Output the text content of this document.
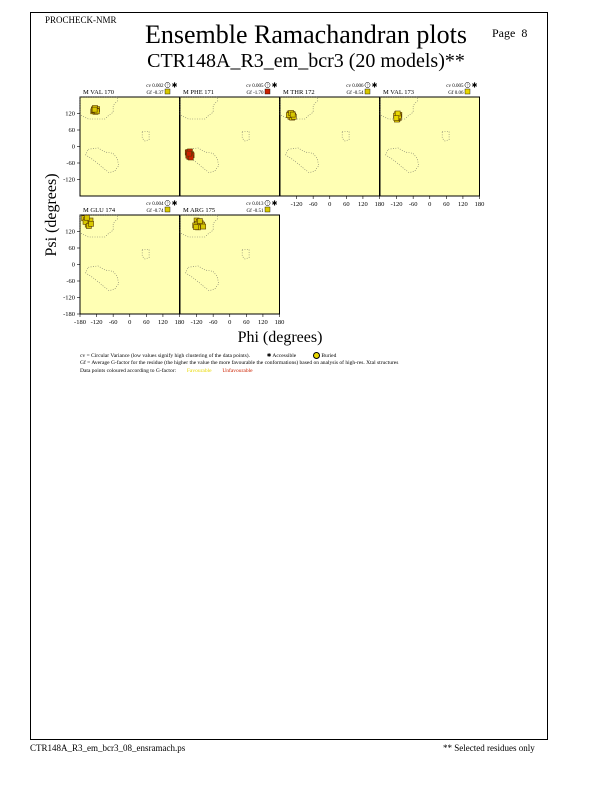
PROCHECK-NMR
Page 8
Ensemble Ramachandran plots
CTR148A_R3_em_bcr3 (20 models)**
M VAL 170
cv 0.002
Gf -0.37
? ✱
M PHE 171
cv 0.005
Gf -1.70
? ✱
M THR 172
cv 0.006
Gf -0.54
? ✱
M VAL 173
cv 0.005
Gf 0.06
? ✱
M GLU 174
cv 0.004
Gf -0.74
? ✱
M ARG 175
cv 0.013
Gf -0.51
? ✱
120
60
0
-60
-120
120
60
0
-60
-120
-180
-120 -60 0 60 120 180 -120 -60 0 60 120 180
-180 -120 -60 0 60 120 180 -120 -60 0 60 120 180
Phi (degrees)
Psi (degrees)
cv = Circular Variance (low values signify high clustering of the data points).	✱ Accessible	Buried
Gf = Average G-factor for the residue (the higher the value the more favourable the conformations) based on analysis of high-res. Xtal structures
Data points coloured according to G-factor: Favourable Unfavourable
CTR148A_R3_em_bcr3_08_ensramach.ps	** Selected residues only
